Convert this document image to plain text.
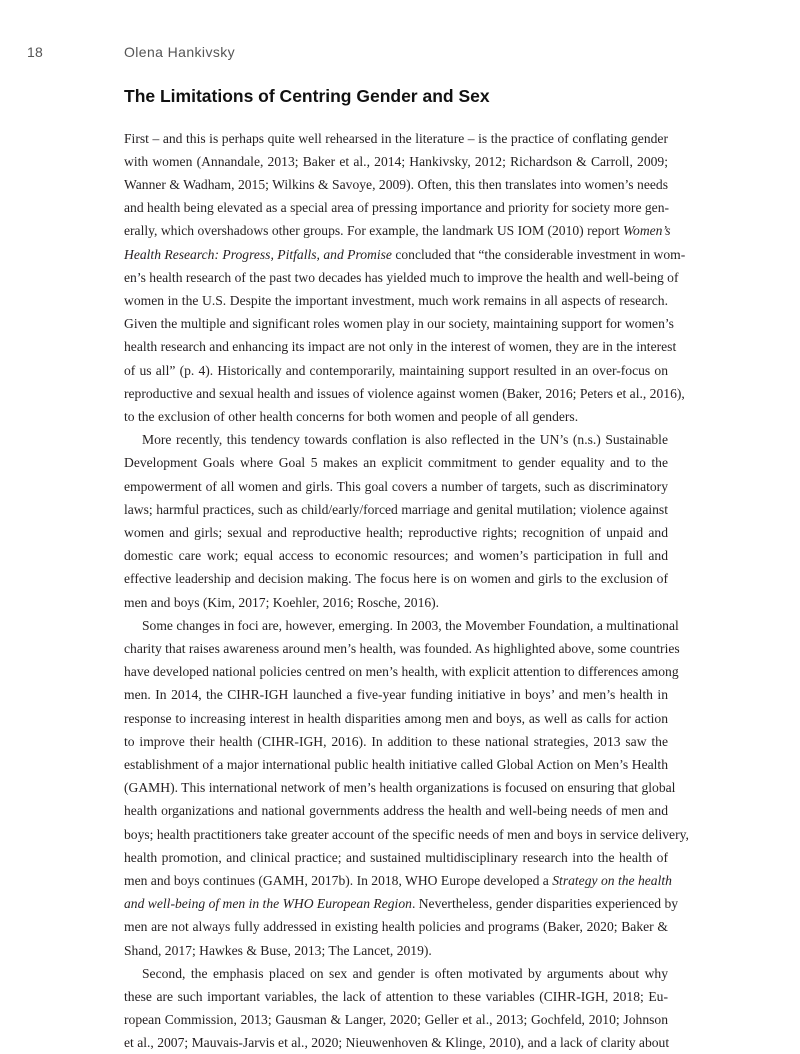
18	Olena Hankivsky
The Limitations of Centring Gender and Sex
First – and this is perhaps quite well rehearsed in the literature – is the practice of conflating gender
with women (Annandale, 2013; Baker et al., 2014; Hankivsky, 2012; Richardson & Carroll, 2009;
Wanner & Wadham, 2015; Wilkins & Savoye, 2009). Often, this then translates into women’s needs
and health being elevated as a special area of pressing importance and priority for society more gen-
erally, which overshadows other groups. For example, the landmark US IOM (2010) report Women’s
Health Research: Progress, Pitfalls, and Promise concluded that “the considerable investment in wom-
en’s health research of the past two decades has yielded much to improve the health and well-being of
women in the U.S. Despite the important investment, much work remains in all aspects of research.
Given the multiple and significant roles women play in our society, maintaining support for women’s
health research and enhancing its impact are not only in the interest of women, they are in the interest
of us all” (p. 4). Historically and contemporarily, maintaining support resulted in an over-focus on
reproductive and sexual health and issues of violence against women (Baker, 2016; Peters et al., 2016),
to the exclusion of other health concerns for both women and people of all genders.
More recently, this tendency towards conflation is also reflected in the UN’s (n.s.) Sustainable
Development Goals where Goal 5 makes an explicit commitment to gender equality and to the
empowerment of all women and girls. This goal covers a number of targets, such as discriminatory
laws; harmful practices, such as child/early/forced marriage and genital mutilation; violence against
women and girls; sexual and reproductive health; reproductive rights; recognition of unpaid and
domestic care work; equal access to economic resources; and women’s participation in full and
effective leadership and decision making. The focus here is on women and girls to the exclusion of
men and boys (Kim, 2017; Koehler, 2016; Rosche, 2016).
Some changes in foci are, however, emerging. In 2003, the Movember Foundation, a multinational
charity that raises awareness around men’s health, was founded. As highlighted above, some countries
have developed national policies centred on men’s health, with explicit attention to differences among
men. In 2014, the CIHR-IGH launched a five-year funding initiative in boys’ and men’s health in
response to increasing interest in health disparities among men and boys, as well as calls for action
to improve their health (CIHR-IGH, 2016). In addition to these national strategies, 2013 saw the
establishment of a major international public health initiative called Global Action on Men’s Health
(GAMH). This international network of men’s health organizations is focused on ensuring that global
health organizations and national governments address the health and well-being needs of men and
boys; health practitioners take greater account of the specific needs of men and boys in service delivery,
health promotion, and clinical practice; and sustained multidisciplinary research into the health of
men and boys continues (GAMH, 2017b). In 2018, WHO Europe developed a Strategy on the health
and well-being of men in the WHO European Region. Nevertheless, gender disparities experienced by
men are not always fully addressed in existing health policies and programs (Baker, 2020; Baker &
Shand, 2017; Hawkes & Buse, 2013; The Lancet, 2019).
Second, the emphasis placed on sex and gender is often motivated by arguments about why
these are such important variables, the lack of attention to these variables (CIHR-IGH, 2018; Eu-
ropean Commission, 2013; Gausman & Langer, 2020; Geller et al., 2013; Gochfeld, 2010; Johnson
et al., 2007; Mauvais-Jarvis et al., 2020; Nieuwenhoven & Klinge, 2010), and a lack of clarity about
